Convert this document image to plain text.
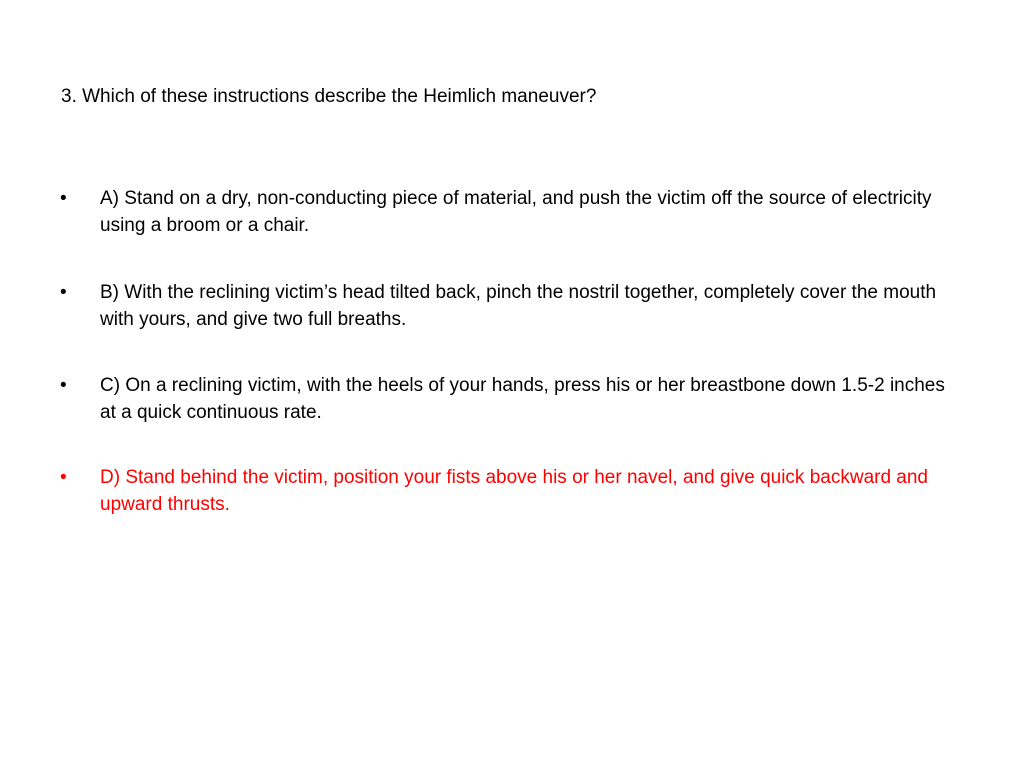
3. Which of these instructions describe the Heimlich maneuver?

•	A) Stand on a dry, non-conducting piece of material, and push the victim off the source of electricity using a broom or a chair.
•	B) With the reclining victim’s head tilted back, pinch the nostril together, completely cover the mouth with yours, and give two full breaths.
•	C) On a reclining victim, with the heels of your hands, press his or her breastbone down 1.5-2 inches at a quick continuous rate.
•	D) Stand behind the victim, position your fists above his or her navel, and give quick backward and upward thrusts.
